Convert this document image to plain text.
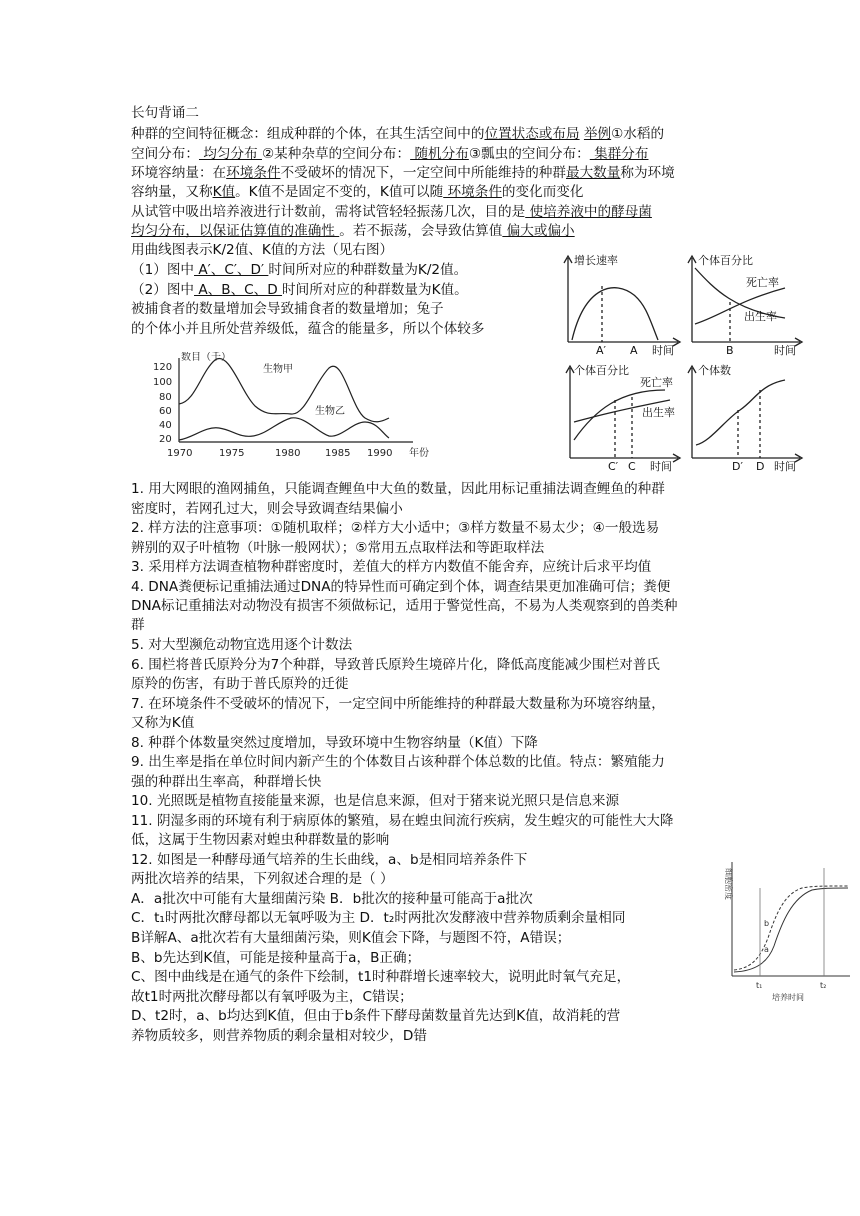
长句背诵二
种群的空间特征概念：组成种群的个体，在其生活空间中的位置状态或布局 举例①水稻的
空间分布： 均匀分布 ②某种杂草的空间分布： 随机分布③瓢虫的空间分布： 集群分布
环境容纳量：在环境条件不受破坏的情况下，一定空间中所能维持的种群最大数量称为环境
容纳量，又称K值。K值不是固定不变的，K值可以随 环境条件的变化而变化
从试管中吸出培养液进行计数前，需将试管轻轻振荡几次，目的是 使培养液中的酵母菌
均匀分布，以保证估算值的准确性 。若不振荡，会导致估算值 偏大或偏小
用曲线图表示K/2值、K值的方法（见右图）
（1）图中 A′、C′、D′ 时间所对应的种群数量为K/2值。
（2）图中 A、B、C、D 时间所对应的种群数量为K值。
被捕食者的数量增加会导致捕食者的数量增加；兔子
的个体小并且所处营养级低，蕴含的能量多，所以个体较多
增长速率
A′ A 时间
个体百分比
死亡率
出生率
B	时间
个体百分比
死亡率
出生率
C′ C 时间
个体数
D′ D 时间
数目（千）
生物甲
生物乙
120
100
80
60
40
20
1970	1975	1980 1985 1990 年份
1. 用大网眼的渔网捕鱼，只能调查鲤鱼中大鱼的数量，因此用标记重捕法调查鲤鱼的种群
密度时，若网孔过大，则会导致调查结果偏小
2. 样方法的注意事项：①随机取样；②样方大小适中；③样方数量不易太少；④一般选易
辨别的双子叶植物（叶脉一般网状）；⑤常用五点取样法和等距取样法
3. 采用样方法调查植物种群密度时，差值大的样方内数值不能舍弃，应统计后求平均值
4. DNA粪便标记重捕法通过DNA的特异性而可确定到个体，调查结果更加准确可信；粪便
DNA标记重捕法对动物没有损害不须做标记，适用于警觉性高，不易为人类观察到的兽类种
群
5. 对大型濒危动物宜选用逐个计数法
6. 围栏将普氏原羚分为7个种群，导致普氏原羚生境碎片化，降低高度能减少围栏对普氏
原羚的伤害，有助于普氏原羚的迁徙
7. 在环境条件不受破坏的情况下，一定空间中所能维持的种群最大数量称为环境容纳量，
又称为K值
8. 种群个体数量突然过度增加，导致环境中生物容纳量（K值）下降
9. 出生率是指在单位时间内新产生的个体数目占该种群个体总数的比值。特点：繁殖能力
强的种群出生率高，种群增长快
10. 光照既是植物直接能量来源，也是信息来源，但对于猪来说光照只是信息来源
11. 阴湿多雨的环境有利于病原体的繁殖，易在蝗虫间流行疾病，发生蝗灾的可能性大大降
低，这属于生物因素对蝗虫种群数量的影响
12. 如图是一种酵母通气培养的生长曲线，a、b是相同培养条件下
两批次培养的结果，下列叙述合理的是（ ）
A．a批次中可能有大量细菌污染 B．b批次的接种量可能高于a批次
C．t₁时两批次酵母都以无氧呼吸为主 D．t₂时两批次发酵液中营养物质剩余量相同
B详解A、a批次若有大量细菌污染，则K值会下降，与题图不符，A错误；
B、b先达到K值，可能是接种量高于a，B正确；
C、图中曲线是在通气的条件下绘制，t1时种群增长速率较大，说明此时氧气充足，
故t1时两批次酵母都以有氧呼吸为主，C错误；
D、t2时，a、b均达到K值，但由于b条件下酵母菌数量首先达到K值，故消耗的营
养物质较多，则营养物质的剩余量相对较少，D错
细胞密度
t₁	t₂
培养时间
b
a
